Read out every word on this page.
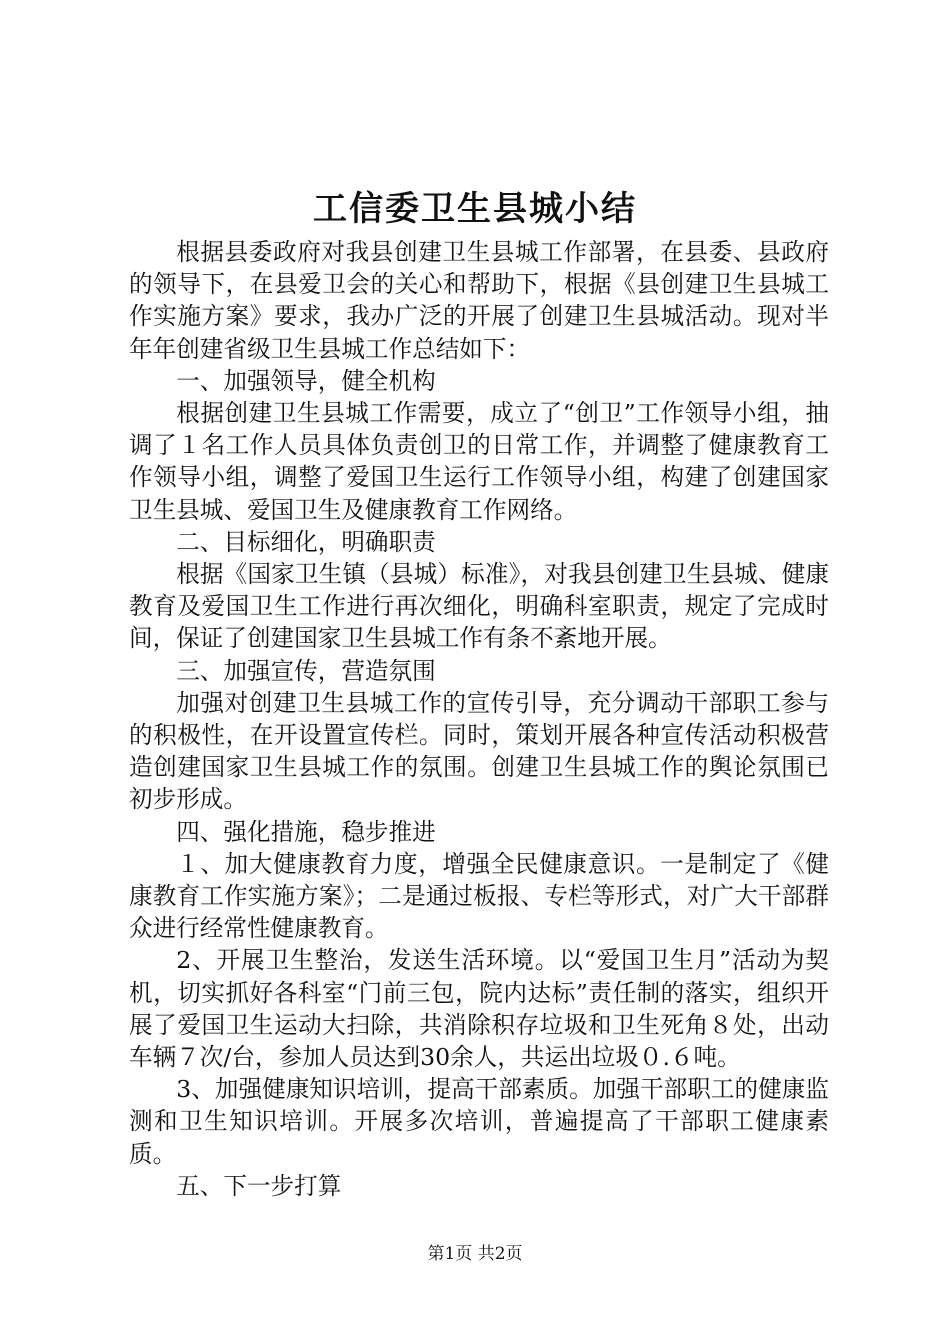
工信委卫生县城小结

根据县委政府对我县创建卫生县城工作部署，在县委、县政府的领导下，在县爱卫会的关心和帮助下，根据《县创建卫生县城工作实施方案》要求，我办广泛的开展了创建卫生县城活动。现对半年年创建省级卫生县城工作总结如下：

一、加强领导，健全机构

根据创建卫生县城工作需要，成立了“创卫”工作领导小组，抽调了１名工作人员具体负责创卫的日常工作，并调整了健康教育工作领导小组，调整了爱国卫生运行工作领导小组，构建了创建国家卫生县城、爱国卫生及健康教育工作网络。

二、目标细化，明确职责

根据《国家卫生镇（县城）标准》，对我县创建卫生县城、健康教育及爱国卫生工作进行再次细化，明确科室职责，规定了完成时间，保证了创建国家卫生县城工作有条不紊地开展。

三、加强宣传，营造氛围

加强对创建卫生县城工作的宣传引导，充分调动干部职工参与的积极性，在开设置宣传栏。同时，策划开展各种宣传活动积极营造创建国家卫生县城工作的氛围。创建卫生县城工作的舆论氛围已初步形成。

四、强化措施，稳步推进

１、加大健康教育力度，增强全民健康意识。一是制定了《健康教育工作实施方案》；二是通过板报、专栏等形式，对广大干部群众进行经常性健康教育。

2、开展卫生整治，发送生活环境。以“爱国卫生月”活动为契机，切实抓好各科室“门前三包，院内达标”责任制的落实，组织开展了爱国卫生运动大扫除，共消除积存垃圾和卫生死角８处，出动车辆７次/台，参加人员达到30余人，共运出垃圾０.６吨。

3、加强健康知识培训，提高干部素质。加强干部职工的健康监测和卫生知识培训。开展多次培训，普遍提高了干部职工健康素质。

五、下一步打算

第1页 共2页
